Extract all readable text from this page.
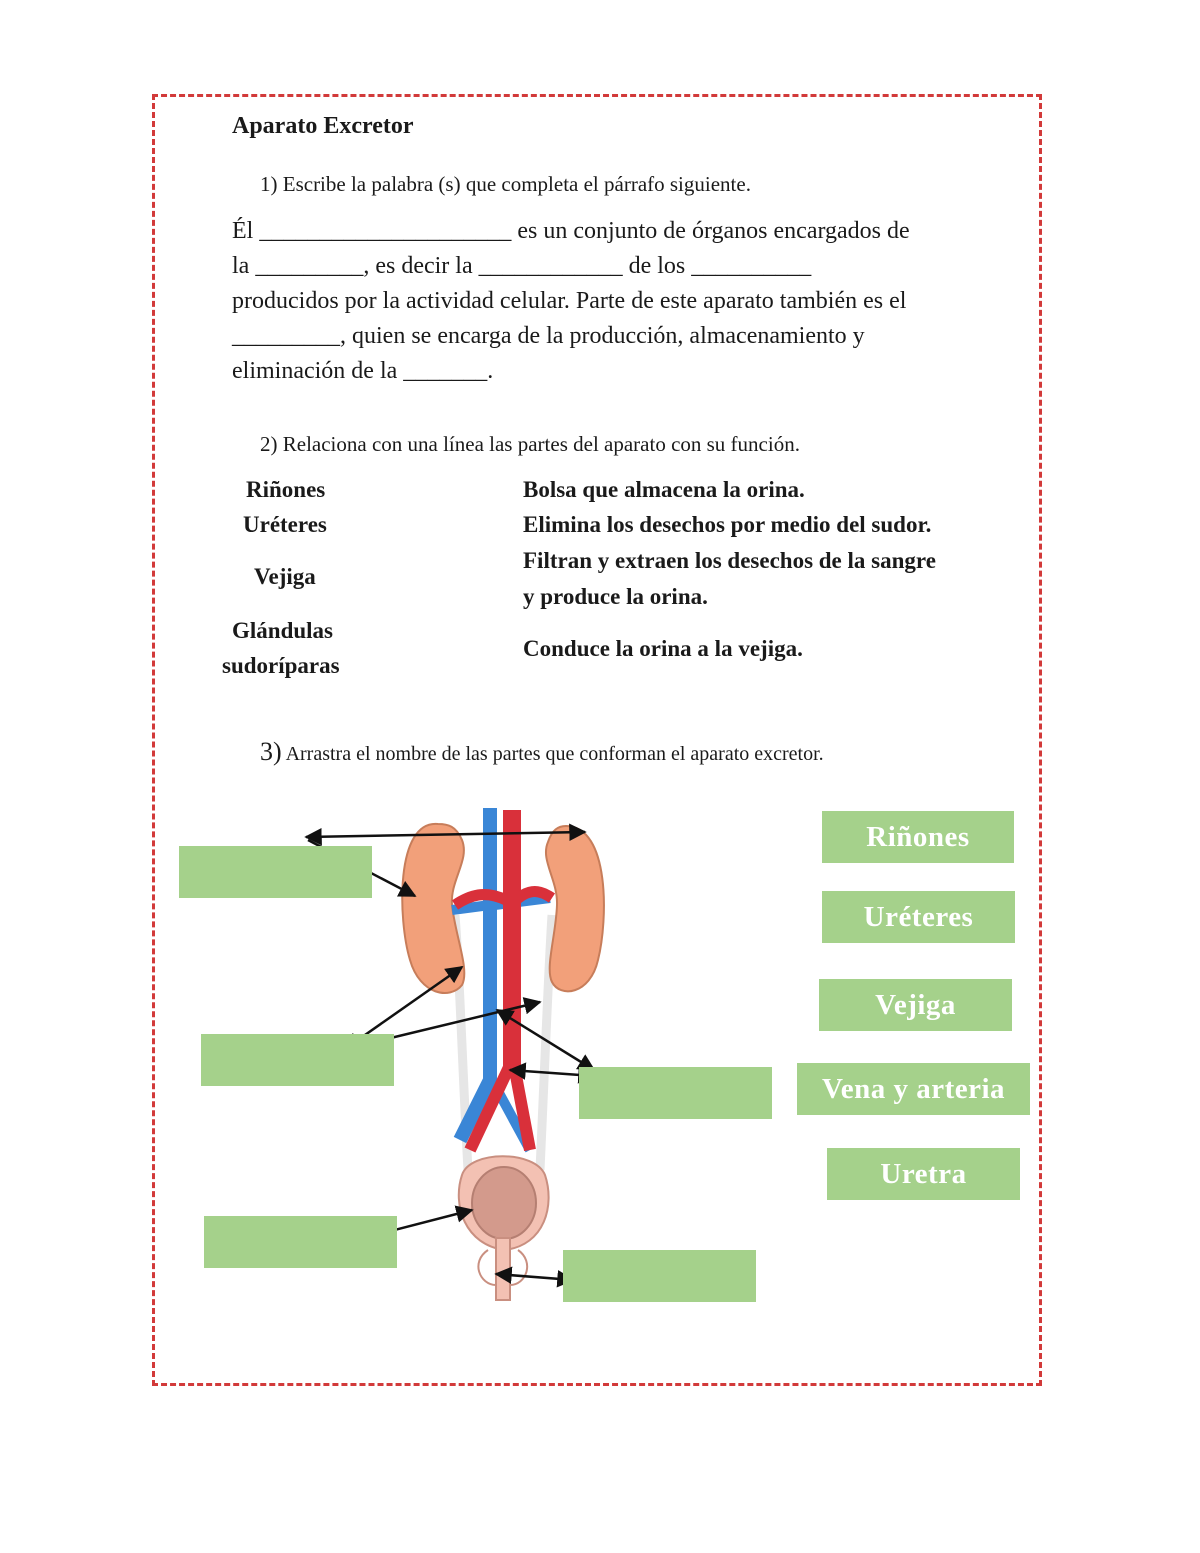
Aparato Excretor
1) Escribe la palabra (s) que completa el párrafo siguiente.
Él _____________________ es un conjunto de órganos encargados de
la _________, es decir la ____________ de los __________
producidos por la actividad celular. Parte de este aparato también es el
_________, quien se encarga de la producción, almacenamiento y
eliminación de la _______.
2) Relaciona con una línea las partes del aparato con su función.
Riñones
Uréteres
Vejiga
Glándulas
sudoríparas
Bolsa que almacena la orina.
Elimina los desechos por medio del sudor.
Filtran y extraen los desechos de la sangre
y produce la orina.
Conduce la orina a la vejiga.
3) Arrastra el nombre de las partes que conforman el aparato excretor.
Riñones
Uréteres
Vejiga
Vena y arteria
Uretra
